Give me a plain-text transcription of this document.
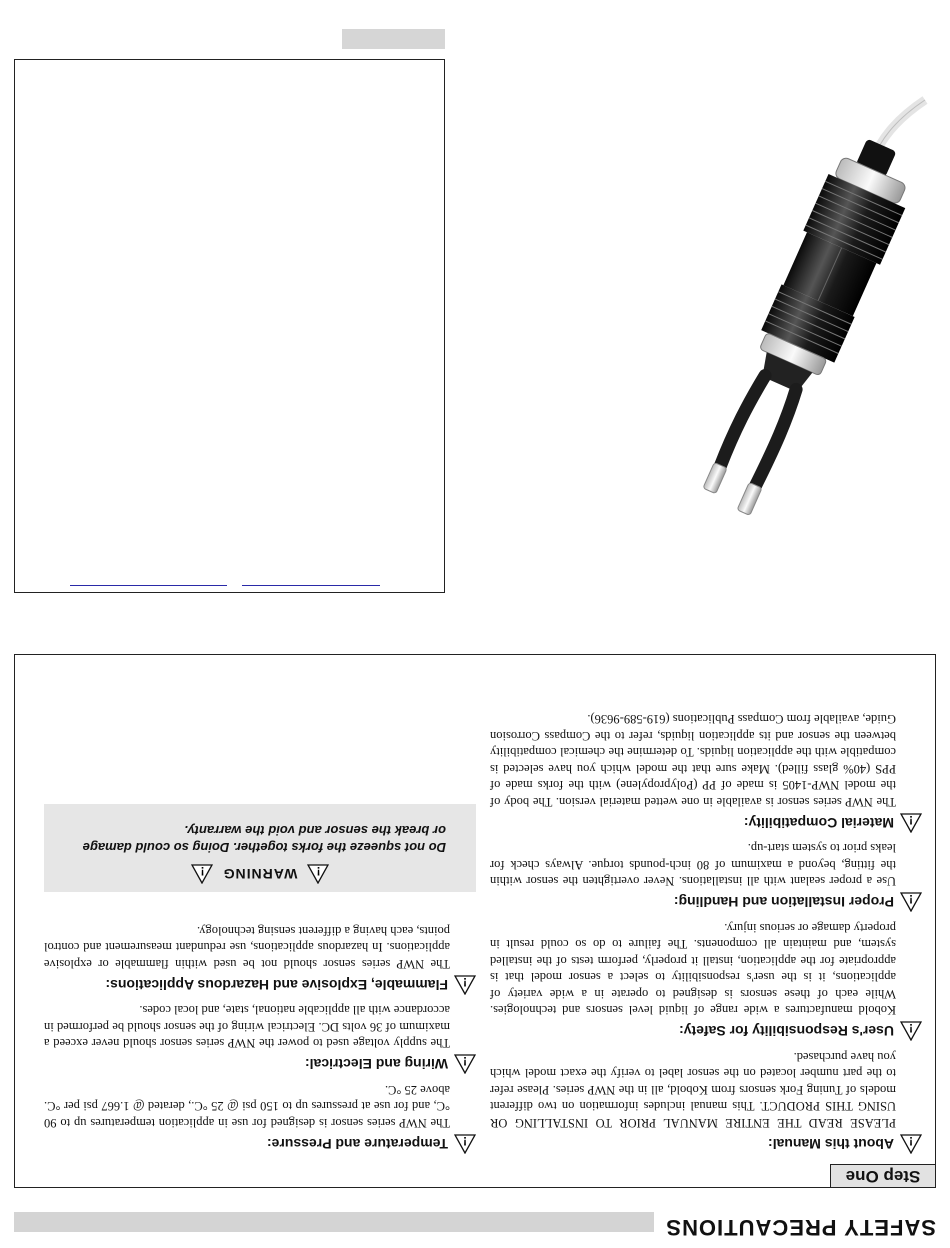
SAFETY PRECAUTIONS
Step One
!
About this Manual:
PLEASE READ THE ENTIRE MANUAL PRIOR TO INSTALLING OR USING THIS PRODUCT. This manual includes information on two different models of Tuning Fork sensors from Kobold, all in the NWP series. Please refer to the part number located on the sensor label to verify the exact model which you have purchased.
!
User's Responsibility for Safety:
Kobold manufactures a wide range of liquid level sensors and technologies. While each of these sensors is designed to operate in a wide variety of applications, it is the user's responsibility to select a sensor model that is appropriate for the application, install it properly, perform tests of the installed system, and maintain all components. The failure to do so could result in property damage or serious injury.
!
Proper Installation and Handling:
Use a proper sealant with all installations. Never overtighten the sensor within the fitting, beyond a maximum of 80 inch-pounds torque. Always check for leaks prior to system start-up.
!
Material Compatibility:
The NWP series sensor is available in one wetted material version. The body of the model NWP-1405 is made of PP (Polypropylene) with the forks made of PPS (40% glass filled). Make sure that the model which you have selected is compatible with the application liquids. To determine the chemical compatibility between the sensor and its application liquids, refer to the Compass Corrosion Guide, available from Compass Publications (619-589-9636).
!
Temperature and Pressure:
The NWP series sensor is designed for use in application temperatures up to 90 °C, and for use at pressures up to 150 psi @ 25 °C., derated @ 1.667 psi per °C. above 25 °C.
!
Wiring and Electrical:
The supply voltage used to power the NWP series sensor should never exceed a maximum of 36 volts DC. Electrical wiring of the sensor should be performed in accordance with all applicable national, state, and local codes.
!
Flammable, Explosive and Hazardous Applications:
The NWP series sensor should not be used within flammable or explosive applications. In hazardous applications, use redundant measurement and control points, each having a different sensing technology.
!
WARNING
!
Do not squeeze the forks together. Doing so could damage or break the sensor and void the warranty.
